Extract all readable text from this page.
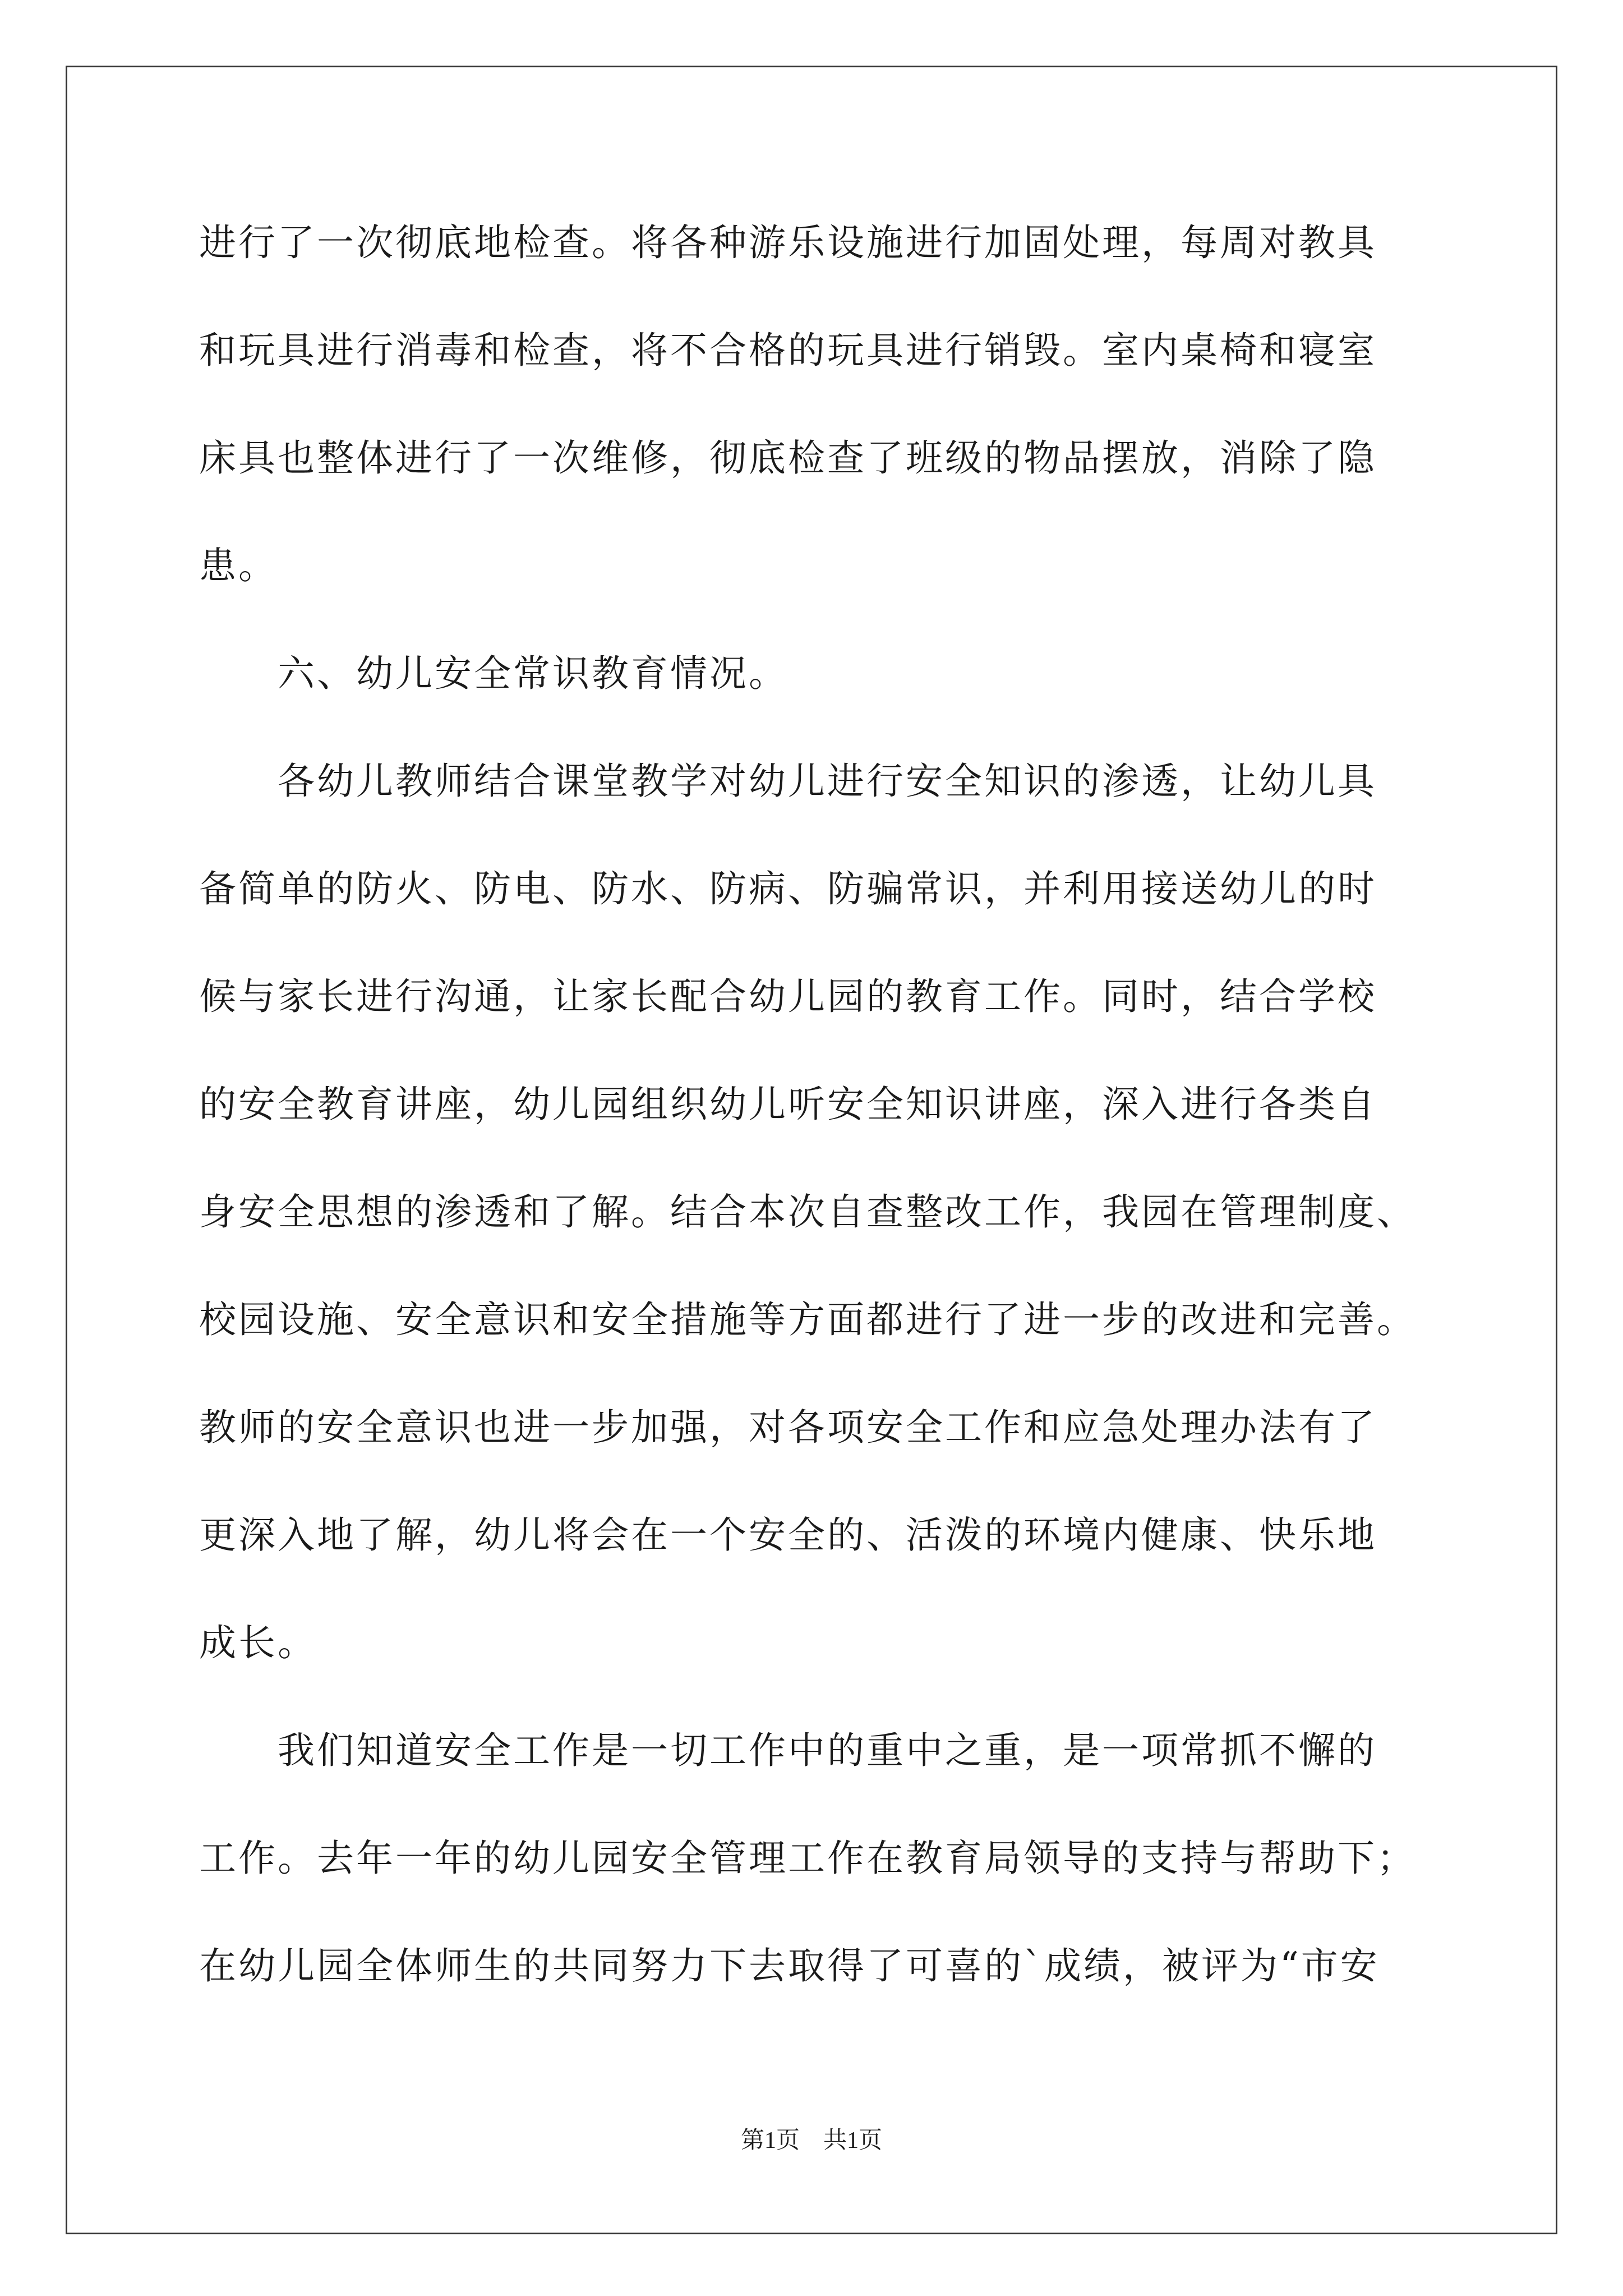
进行了一次彻底地检查。将各种游乐设施进行加固处理，每周对教具
和玩具进行消毒和检查，将不合格的玩具进行销毁。室内桌椅和寝室
床具也整体进行了一次维修，彻底检查了班级的物品摆放，消除了隐
患。
六、幼儿安全常识教育情况。
各幼儿教师结合课堂教学对幼儿进行安全知识的渗透，让幼儿具
备简单的防火、防电、防水、防病、防骗常识，并利用接送幼儿的时
候与家长进行沟通，让家长配合幼儿园的教育工作。同时，结合学校
的安全教育讲座，幼儿园组织幼儿听安全知识讲座，深入进行各类自
身安全思想的渗透和了解。结合本次自查整改工作，我园在管理制度、
校园设施、安全意识和安全措施等方面都进行了进一步的改进和完善。
教师的安全意识也进一步加强，对各项安全工作和应急处理办法有了
更深入地了解，幼儿将会在一个安全的、活泼的环境内健康、快乐地
成长。
我们知道安全工作是一切工作中的重中之重，是一项常抓不懈的
工作。去年一年的幼儿园安全管理工作在教育局领导的支持与帮助下；
在幼儿园全体师生的共同努力下去取得了可喜的`成绩，被评为“市安
第1页 共1页
